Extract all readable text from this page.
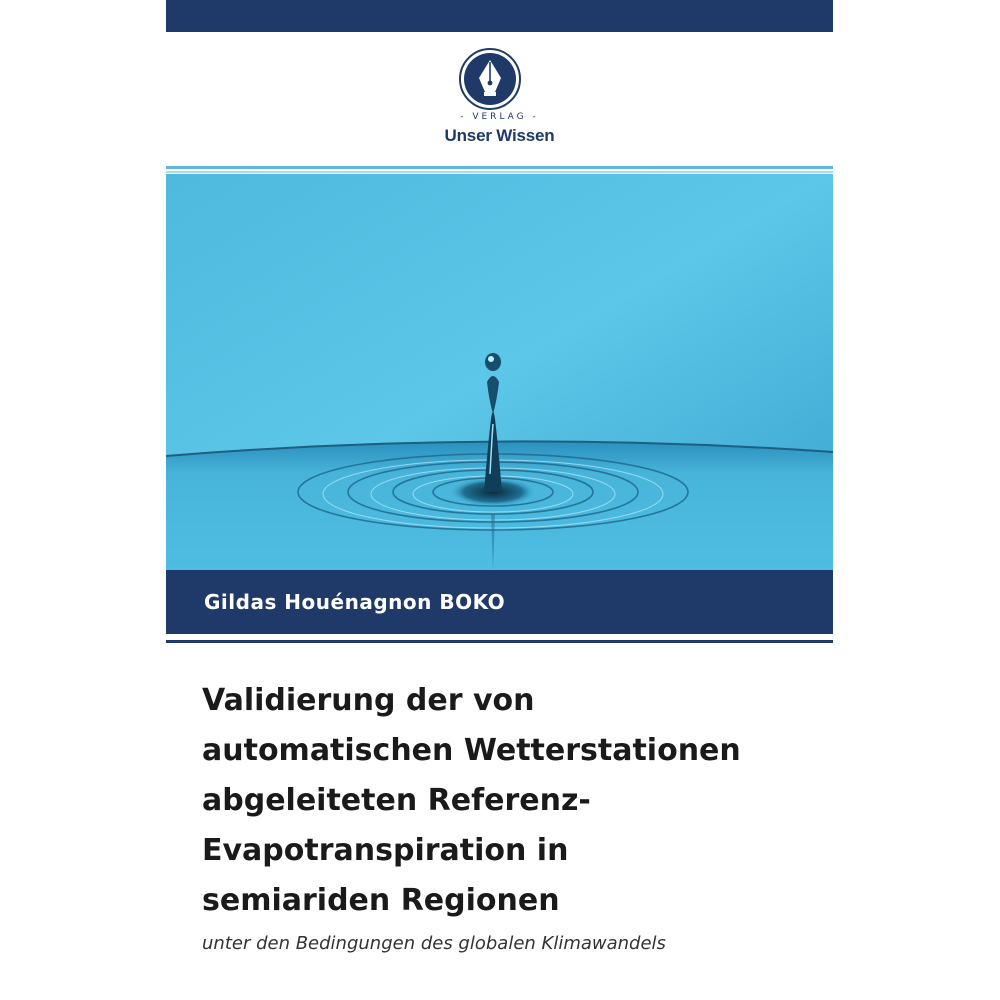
- VERLAG -
Unser Wissen
Gildas Houénagnon BOKO
Validierung der von
automatischen Wetterstationen
abgeleiteten Referenz-
Evapotranspiration in
semiariden Regionen
unter den Bedingungen des globalen Klimawandels
